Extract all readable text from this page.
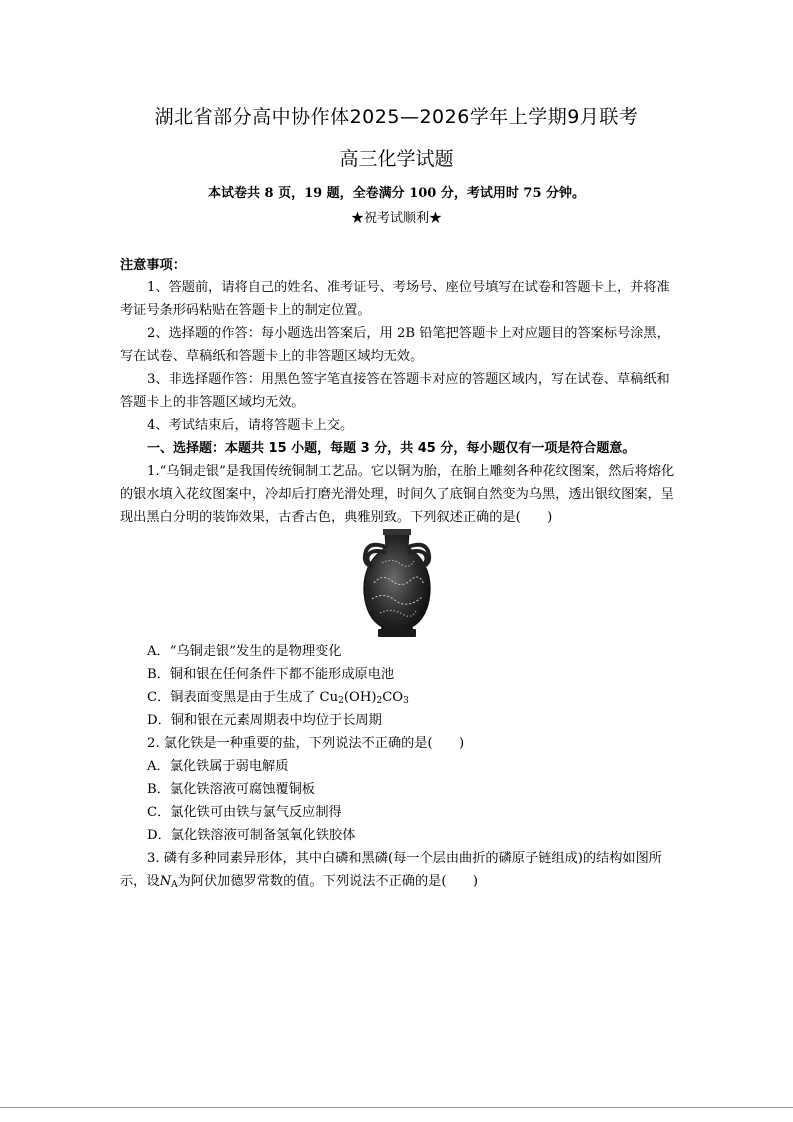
湖北省部分高中协作体2025—2026学年上学期9月联考
高三化学试题
本试卷共 8 页，19 题，全卷满分 100 分，考试用时 75 分钟。
★祝考试顺利★
注意事项：
1、答题前，请将自己的姓名、准考证号、考场号、座位号填写在试卷和答题卡上，并将准考证号条形码粘贴在答题卡上的制定位置。
2、选择题的作答：每小题选出答案后，用 2B 铅笔把答题卡上对应题目的答案标号涂黑，写在试卷、草稿纸和答题卡上的非答题区域均无效。
3、非选择题作答：用黑色签字笔直接答在答题卡对应的答题区域内，写在试卷、草稿纸和答题卡上的非答题区域均无效。
4、考试结束后，请将答题卡上交。
一、选择题：本题共 15 小题，每题 3 分，共 45 分，每小题仅有一项是符合题意。
1.“乌铜走银”是我国传统铜制工艺品。它以铜为胎，在胎上雕刻各种花纹图案，然后将熔化的银水填入花纹图案中，冷却后打磨光滑处理，时间久了底铜自然变为乌黑，透出银纹图案，呈现出黑白分明的装饰效果，古香古色，典雅别致。下列叙述正确的是(　　)
A．“乌铜走银”发生的是物理变化
B．铜和银在任何条件下都不能形成原电池
C．铜表面变黑是由于生成了 $Cu_2(OH)_2CO_3$
D．铜和银在元素周期表中均位于长周期
2. 氯化铁是一种重要的盐，下列说法不正确的是(　　)
A．氯化铁属于弱电解质
B．氯化铁溶液可腐蚀覆铜板
C．氯化铁可由铁与氯气反应制得
D．氯化铁溶液可制备氢氧化铁胶体
3. 磷有多种同素异形体，其中白磷和黑磷(每一个层由曲折的磷原子链组成)的结构如图所示，设$N_A$为阿伏加德罗常数的值。下列说法不正确的是(　　)
